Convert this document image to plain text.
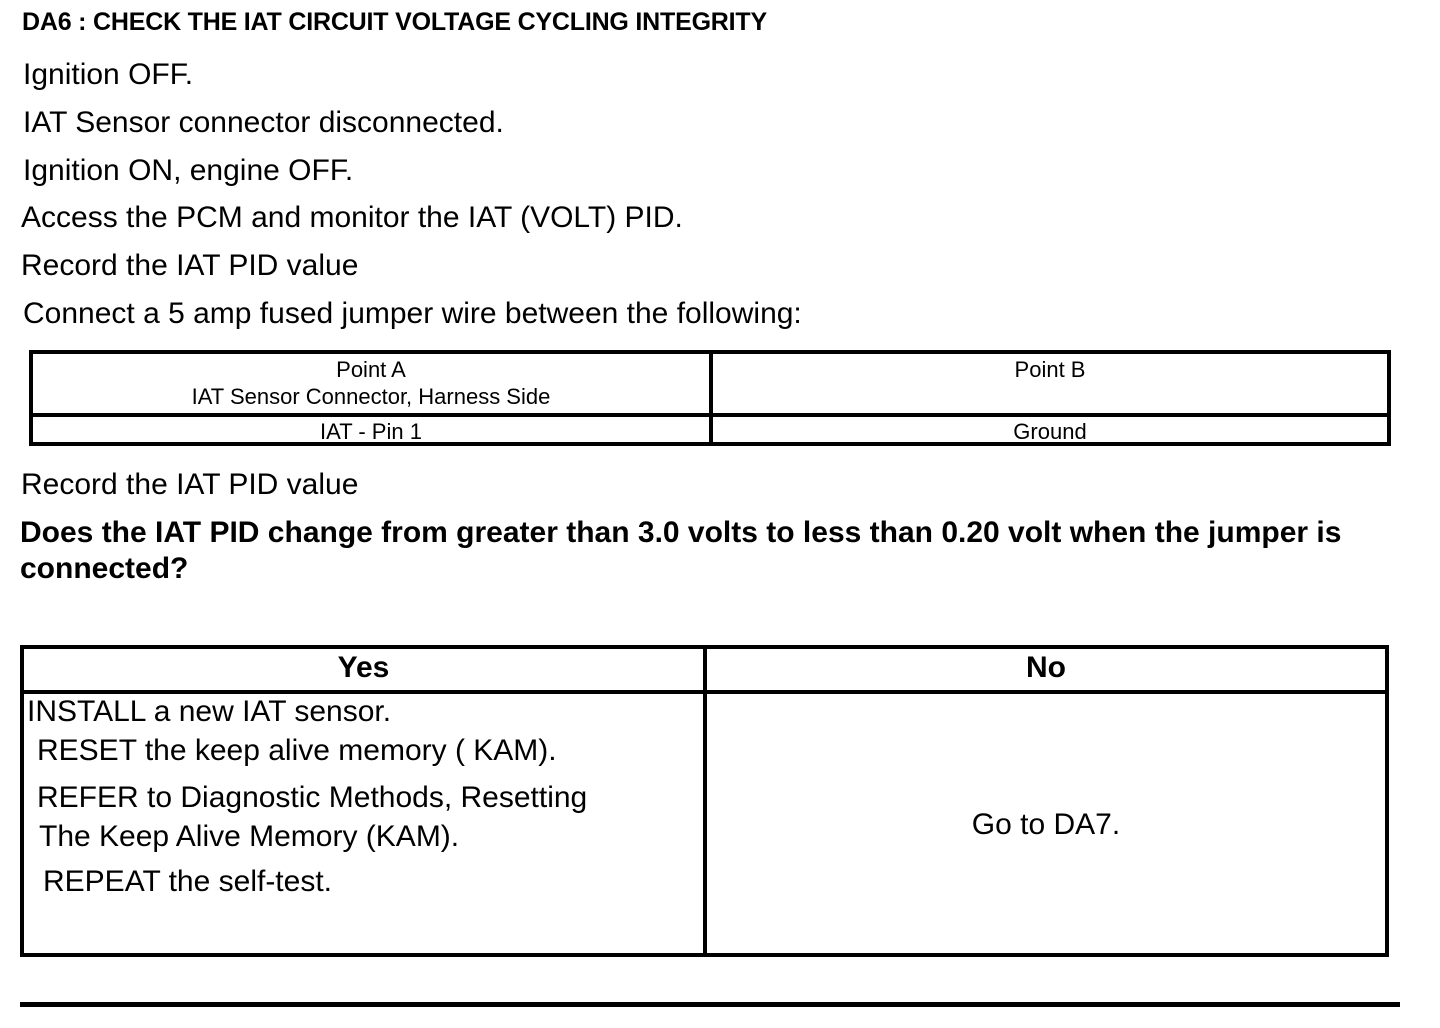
DA6 : CHECK THE IAT CIRCUIT VOLTAGE CYCLING INTEGRITY
Ignition OFF.
IAT Sensor connector disconnected.
Ignition ON, engine OFF.
Access the PCM and monitor the IAT (VOLT) PID.
Record the IAT PID value
Connect a 5 amp fused jumper wire between the following:
Point A
IAT Sensor Connector, Harness Side
Point B
IAT - Pin 1	Ground
Record the IAT PID value
Does the IAT PID change from greater than 3.0 volts to less than 0.20 volt when the jumper is connected?
Yes	No
INSTALL a new IAT sensor.
RESET the keep alive memory ( KAM).
REFER to Diagnostic Methods, Resetting
The Keep Alive Memory (KAM).
REPEAT the self-test.
Go to DA7.
